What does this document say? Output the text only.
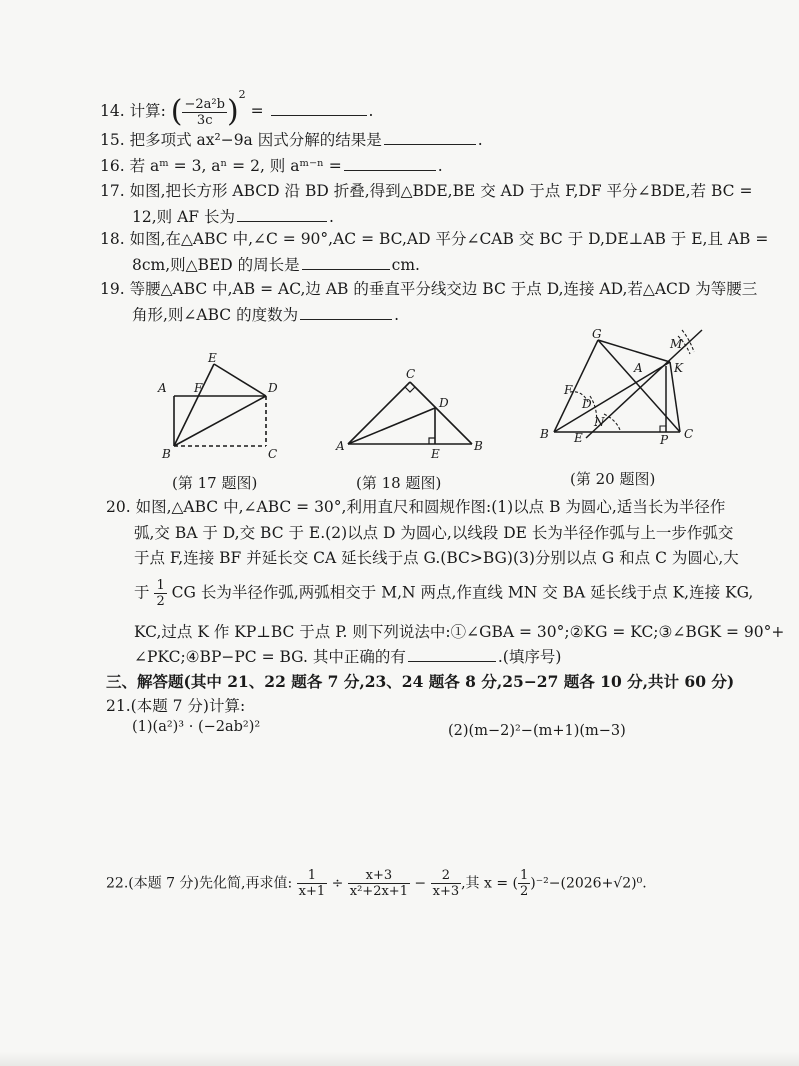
14. 计算: ( $\frac{\text{−2a²b}}{3c} )^2$ =	.
15. 把多项式 ax²−9a 因式分解的结果是	.
16. 若 aᵐ = 3, aⁿ = 2, 则 aᵐ⁻ⁿ =	.
17. 如图,把长方形 ABCD 沿 BD 折叠,得到△BDE,BE 交 AD 于点 F,DF 平分∠BDE,若 BC =
12,则 AF 长为	.
18. 如图,在△ABC 中,∠C = 90°,AC = BC,AD 平分∠CAB 交 BC 于 D,DE⊥AB 于 E,且 AB =
8cm,则△BED 的周长是	cm.
19. 等腰△ABC 中,AB = AC,边 AB 的垂直平分线交边 BC 于点 D,连接 AD,若△ACD 为等腰三
角形,则∠ABC 的度数为	.
E
A F	D
B	C
(第 17 题图)
C
D
A
E
B
(第 18 题图)
G
M
K
A
F
D
N
B E	P C
(第 20 题图)
20. 如图,△ABC 中,∠ABC = 30°,利用直尺和圆规作图:(1)以点 B 为圆心,适当长为半径作
弧,交 BA 于 D,交 BC 于 E.(2)以点 D 为圆心,以线段 DE 长为半径作弧与上一步作弧交
于点 F,连接 BF 并延长交 CA 延长线于点 G.(BC>BG)(3)分别以点 G 和点 C 为圆心,大
于 $\frac{1}{2}$ CG 长为半径作弧,两弧相交于 M,N 两点,作直线 MN 交 BA 延长线于点 K,连接 KG,
KC,过点 K 作 KP⊥BC 于点 P. 则下列说法中:①∠GBA = 30°;②KG = KC;③∠BGK = 90°+
∠PKC;④BP−PC = BG. 其中正确的有	.(填序号)
三、解答题(其中 21、22 题各 7 分,23、24 题各 8 分,25−27 题各 10 分,共计 60 分)
21.(本题 7 分)计算:
(1)(a²)³ · (−2ab²)²	(2)(m−2)²−(m+1)(m−3)
22.(本题 7 分)先化简,再求值: $\frac{1}{x+1} \div \frac{x+3}{\text{x²+2x+1}} - \frac{2}{x+3}$ ,其 x = ( $\frac{1}{2} )^{-2}-(2026+√2)^0$.
